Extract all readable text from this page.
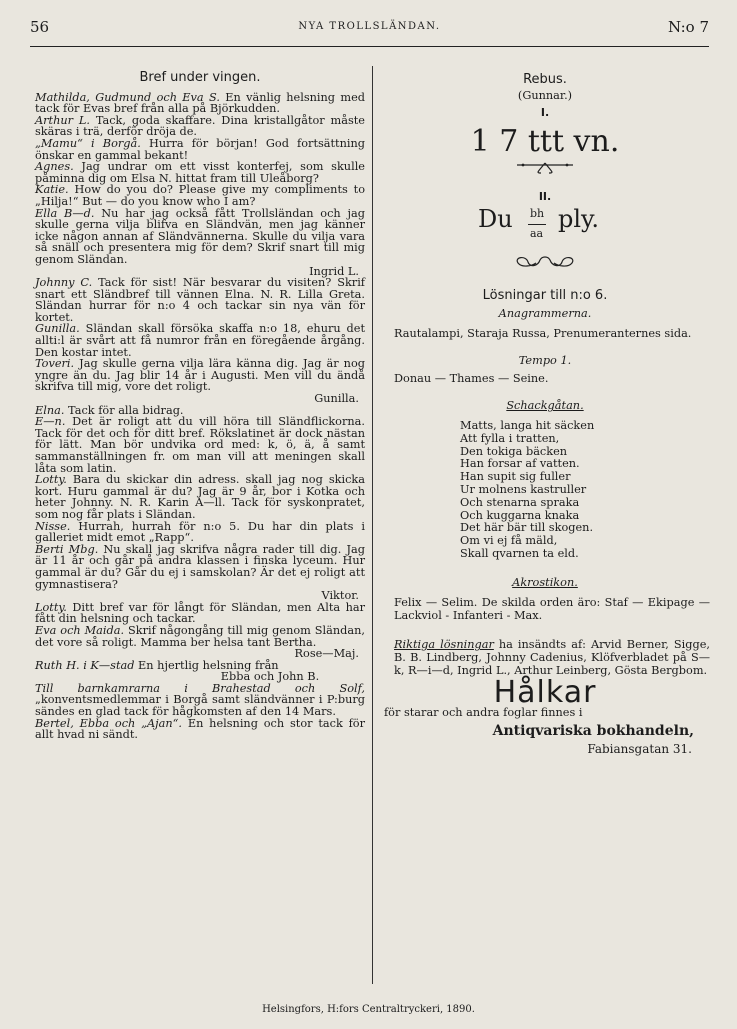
56	NYA TROLLSLÄNDAN.	N:o 7
Bref under vingen.
Mathilda, Gudmund och Eva S. En vänlig helsning med tack för Evas bref från alla på Björkudden.
Arthur L. Tack, goda skaffare. Dina kristallgåtor måste skäras i trä, derför dröja de.
„Mamu“ i Borgå. Hurra för början! God fortsättning önskar en gammal bekant!
Agnes. Jag undrar om ett visst konterfej, som skulle påminna dig om Elsa N. hittat fram till Uleåborg?
Katie. How do you do? Please give my compliments to „Hilja!“ But — do you know who I am?
Ella B—d. Nu har jag också fått Trollsländan och jag skulle gerna vilja blifva en Sländvän, men jag känner icke någon annan af Sländvännerna. Skulle du vilja vara så snäll och presentera mig för dem? Skrif snart till mig genom Sländan.
Ingrid L.
Johnny C. Tack för sist! När besvarar du visiten? Skrif snart ett Sländbref till vännen Elna. N. R. Lilla Greta. Sländan hurrar för n:o 4 och tackar sin nya vän för kortet.
Gunilla. Sländan skall försöka skaffa n:o 18, ehuru det allti:l är svårt att få numror från en föregående årgång. Den kostar intet.
Toveri. Jag skulle gerna vilja lära känna dig. Jag är nog yngre än du. Jag blir 14 år i Augusti. Men vill du ändå skrifva till mig, vore det roligt.
Gunilla.
Elna. Tack för alla bidrag.
E—n. Det är roligt att du vill höra till Sländflickorna. Tack för det och för ditt bref. Rökslatinet är dock nästan för lätt. Man bör undvika ord med: k, ö, ä, å samt sammanställningen fr. om man vill att meningen skall låta som latin.
Lotty. Bara du skickar din adress. skall jag nog skicka kort. Huru gammal är du? Jag är 9 år, bor i Kotka och heter Johnny. N. R. Karin A—ll. Tack för syskonpratet, som nog får plats i Sländan.
Nisse. Hurrah, hurrah för n:o 5. Du har din plats i galleriet midt emot „Rapp“.
Berti Mbg. Nu skall jag skrifva några rader till dig. Jag är 11 år och går på andra klassen i finska lyceum. Hur gammal är du? Går du ej i samskolan? Är det ej roligt att gymnastisera?
Viktor.
Lotty. Ditt bref var för långt för Sländan, men Alta har fått din helsning och tackar.
Eva och Maida. Skrif någongång till mig genom Sländan, det vore så roligt. Mamma ber helsa tant Bertha.
Rose—Maj.
Ruth H. i K—stad En hjertlig helsning från
Ebba och John B.
Till barnkamrarna i Brahestad och Solf, „konventsmedlemmar i Borgå samt sländvänner i P:burg sändes en glad tack för hågkomsten af den 14 Mars.
Bertel, Ebba och „Ajan“. En helsning och stor tack för allt hvad ni sändt.
Rebus.
(Gunnar.)
I.
1 7 ttt vn.
II.
Du bh
aa
ply.
Lösningar till n:o 6.
Anagrammerna.
Rautalampi, Staraja Russa, Prenumeranternes sida.
Tempo 1.
Donau — Thames — Seine.
Schackgåtan.
Matts, langa hit säcken
Att fylla i tratten,
Den tokiga bäcken
Han forsar af vatten.
Han supit sig fuller
Ur molnens kastruller
Och stenarna spraka
Och kuggarna knaka
Det här bär till skogen.
Om vi ej få mäld,
Skall qvarnen ta eld.
Akrostikon.
Felix — Selim. De skilda orden äro: Staf — Ekipage — Lackviol - Infanteri - Max.
Riktiga lösningar ha insändts af: Arvid Berner, Sigge, B. B. Lindberg, Johnny Cadenius, Klöfverbladet på S—k, R—i—d, Ingrid L., Arthur Leinberg, Gösta Bergbom.
Hålkar
för starar och andra foglar finnes i
Antiqvariska bokhandeln,
Fabiansgatan 31.
Helsingfors, H:fors Centraltryckeri, 1890.
